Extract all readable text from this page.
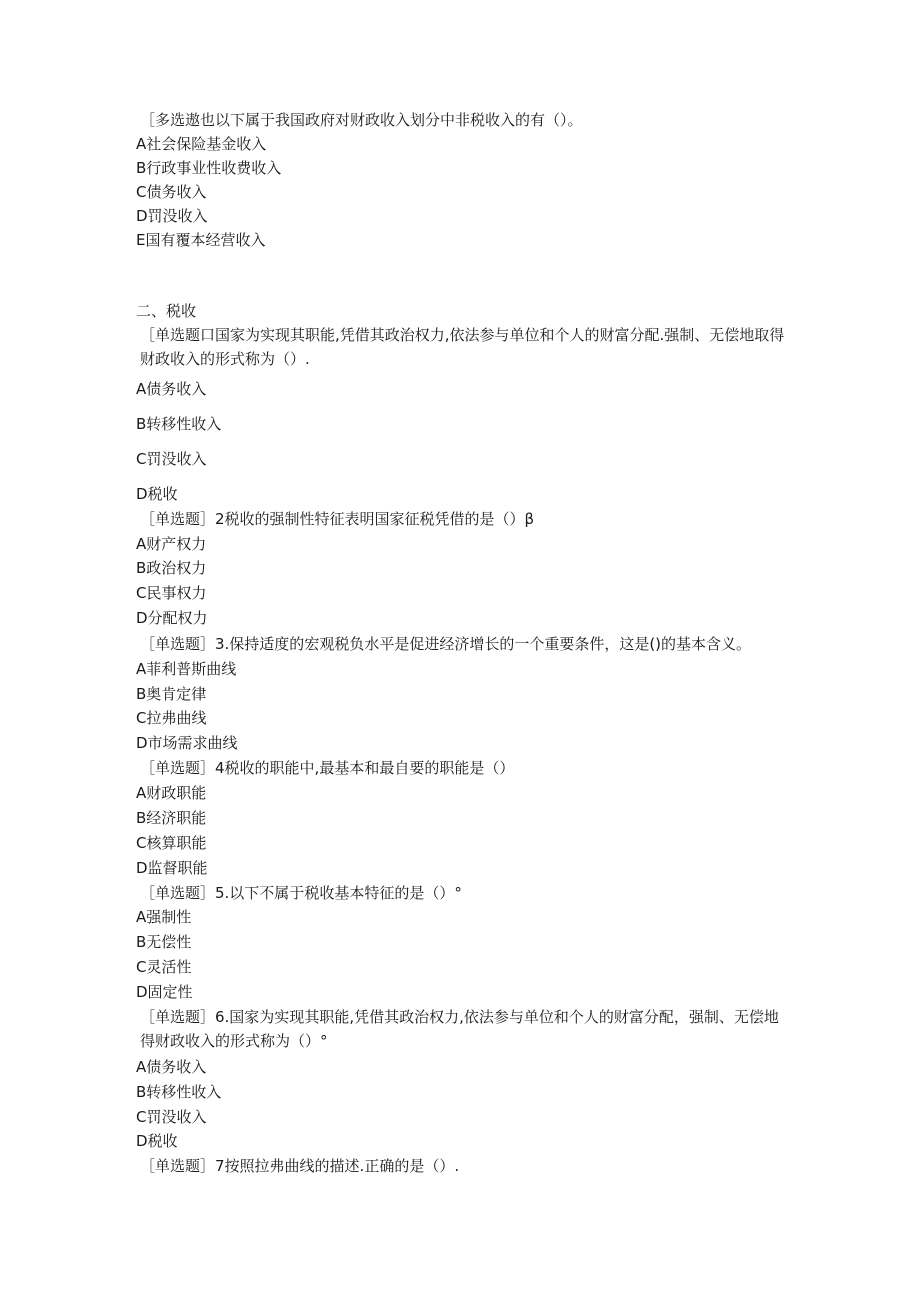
［多选遨也以下属于我国政府对财政收入划分中非税收入的有（）。
A社会保险基金收入
B行政事业性收费收入
C债务收入
D罚没收入
E国有覆本经营收入
二、税收
［单选题口国家为实现其职能,凭借其政治权力,依法参与单位和个人的财富分配.强制、无偿地取得财政收入的形式称为（）.
A债务收入
B转移性收入
C罚没收入
D税收
［单选题］2税收的强制性特征表明国家征税凭借的是（）β
A财产权力
B政治权力
C民事权力
D分配权力
［单选题］3.保持适度的宏观税负水平是促进经济增长的一个重要条件，这是()的基本含义。
A菲利普斯曲线
B奥肯定律
C拉弗曲线
D市场需求曲线
［单选题］4税收的职能中,最基本和最自要的职能是（）
A财政职能
B经济职能
C核算职能
D监督职能
［单选题］5.以下不属于税收基本特征的是（）°
A强制性
B无偿性
C灵活性
D固定性
［单选题］6.国家为实现其职能,凭借其政治权力,依法参与单位和个人的财富分配，强制、无偿地得财政收入的形式称为（）°
A债务收入
B转移性收入
C罚没收入
D税收
［单选题］7按照拉弗曲线的描述.正确的是（）.
